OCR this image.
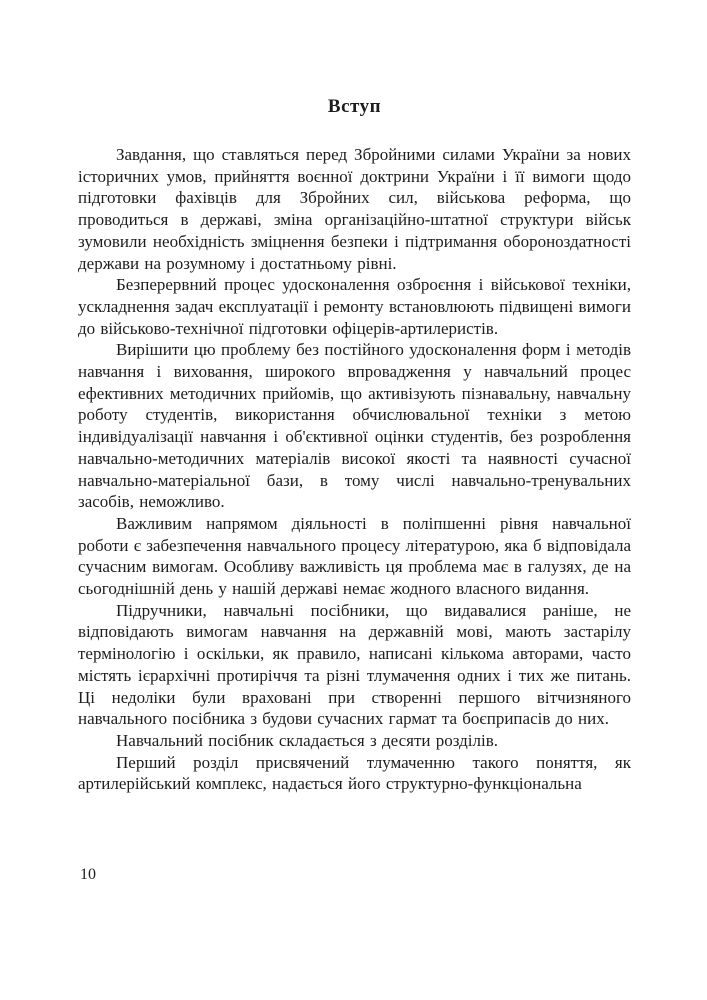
Вступ

Завдання, що ставляться перед Збройними силами України за нових історичних умов, прийняття воєнної доктрини України і її вимоги щодо підготовки фахівців для Збройних сил, військова реформа, що проводиться в державі, зміна організаційно-штатної структури військ зумовили необхідність зміцнення безпеки і підтримання обороноздатності держави на розумному і достатньому рівні.

Безперервний процес удосконалення озброєння і військової техніки, ускладнення задач експлуатації і ремонту встановлюють підвищені вимоги до військово-технічної підготовки офіцерів-артилеристів.

Вирішити цю проблему без постійного удосконалення форм і методів навчання і виховання, широкого впровадження у навчальний процес ефективних методичних прийомів, що активізують пізнавальну, навчальну роботу студентів, використання обчислювальної техніки з метою індивідуалізації навчання і об'єктивної оцінки студентів, без розроблення навчально-методичних матеріалів високої якості та наявності сучасної навчально-матеріальної бази, в тому числі навчально-тренувальних засобів, неможливо.

Важливим напрямом діяльності в поліпшенні рівня навчальної роботи є забезпечення навчального процесу літературою, яка б відповідала сучасним вимогам. Особливу важливість ця проблема має в галузях, де на сьогоднішній день у нашій державі немає жодного власного видання.

Підручники, навчальні посібники, що видавалися раніше, не відповідають вимогам навчання на державній мові, мають застарілу термінологію і оскільки, як правило, написані кількома авторами, часто містять ієрархічні протиріччя та різні тлумачення одних і тих же питань. Ці недоліки були враховані при створенні першого вітчизняного навчального посібника з будови сучасних гармат та боєприпасів до них.

Навчальний посібник складається з десяти розділів.

Перший розділ присвячений тлумаченню такого поняття, як артилерійський комплекс, надається його структурно-функціональна

10
